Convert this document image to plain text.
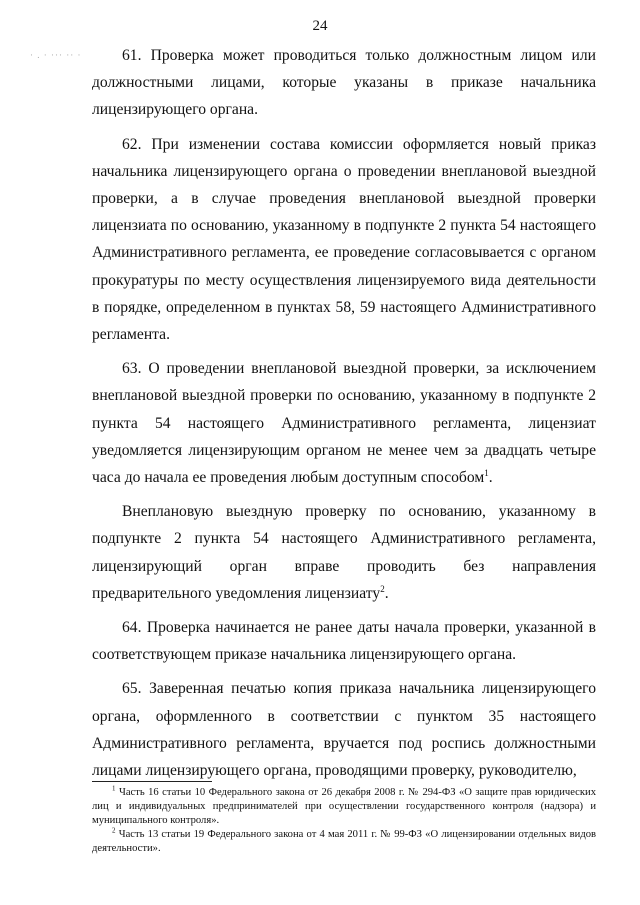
24
· . · ··· ·· ·	61. Проверка может проводиться только должностным лицом или должностными лицами, которые указаны в приказе начальника лицензирующего органа.

62. При изменении состава комиссии оформляется новый приказ начальника лицензирующего органа о проведении внеплановой выездной проверки, а в случае проведения внеплановой выездной проверки лицензиата по основанию, указанному в подпункте 2 пункта 54 настоящего Административного регламента, ее проведение согласовывается с органом прокуратуры по месту осуществления лицензируемого вида деятельности в порядке, определенном в пунктах 58, 59 настоящего Административного регламента.

63. О проведении внеплановой выездной проверки, за исключением внеплановой выездной проверки по основанию, указанному в подпункте 2 пункта 54 настоящего Административного регламента, лицензиат уведомляется лицензирующим органом не менее чем за двадцать четыре часа до начала ее проведения любым доступным способом$^1$.

Внеплановую выездную проверку по основанию, указанному в подпункте 2 пункта 54 настоящего Административного регламента, лицензирующий орган вправе проводить без направления предварительного уведомления лицензиату$^2$.

64. Проверка начинается не ранее даты начала проверки, указанной в соответствующем приказе начальника лицензирующего органа.

65. Заверенная печатью копия приказа начальника лицензирующего органа, оформленного в соответствии с пунктом 35 настоящего Административного регламента, вручается под роспись должностными лицами лицензирующего органа, проводящими проверку, руководителю,

$^1$ Часть 16 статьи 10 Федерального закона от 26 декабря 2008 г. № 294-ФЗ «О защите прав юридических лиц и индивидуальных предпринимателей при осуществлении государственного контроля (надзора) и муниципального контроля».

$^2$ Часть 13 статьи 19 Федерального закона от 4 мая 2011 г. № 99-ФЗ «О лицензировании отдельных видов деятельности».
